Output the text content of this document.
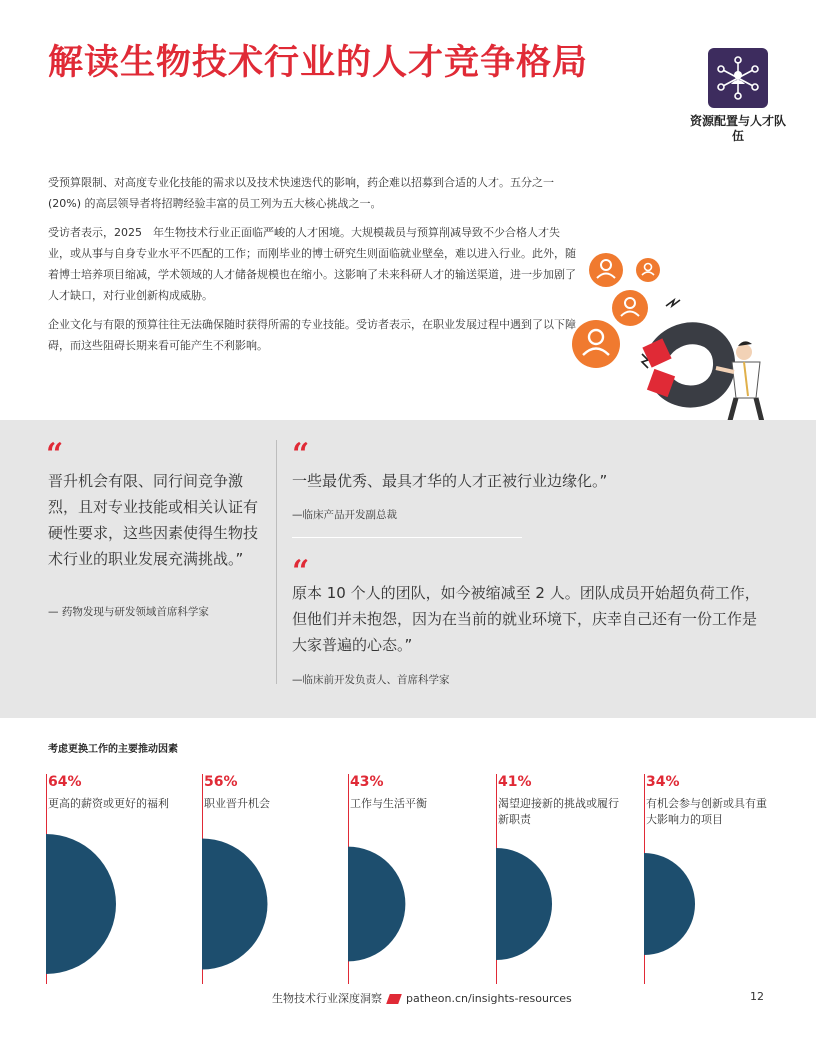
解读生物技术行业的人才竞争格局
资源配置与人才队伍

受预算限制、对高度专业化技能的需求以及技术快速迭代的影响，药企难以招募到合适的人才。五分之一 (20%) 的高层领导者将招聘经验丰富的员工列为五大核心挑战之一。

受访者表示，2025　年生物技术行业正面临严峻的人才困境。大规模裁员与预算削减导致不少合格人才失业，或从事与自身专业水平不匹配的工作；而刚毕业的博士研究生则面临就业壁垒，难以进入行业。此外，随着博士培养项目缩减，学术领域的人才储备规模也在缩小。这影响了未来科研人才的输送渠道，进一步加剧了人才缺口，对行业创新构成威胁。

企业文化与有限的预算往往无法确保随时获得所需的专业技能。受访者表示，在职业发展过程中遇到了以下障碍，而这些阻碍长期来看可能产生不利影响。

“

晋升机会有限、同行间竞争激烈，且对专业技能或相关认证有硬性要求，这些因素使得生物技术行业的职业发展充满挑战。”

— 药物发现与研发领域首席科学家

“

一些最优秀、最具才华的人才正被行业边缘化。”

—临床产品开发副总裁

“

原本 10 个人的团队，如今被缩减至 2 人。团队成员开始超负荷工作，但他们并未抱怨，因为在当前的就业环境下，庆幸自己还有一份工作是大家普遍的心态。”

—临床前开发负责人、首席科学家

考虑更换工作的主要推动因素

64%
更高的薪资或更好的福利
56%
职业晋升机会
43%
工作与生活平衡
41%
渴望迎接新的挑战或履行新职责
34%
有机会参与创新或具有重大影响力的项目
生物技术行业深度洞察 patheon.cn/insights-resources	12
